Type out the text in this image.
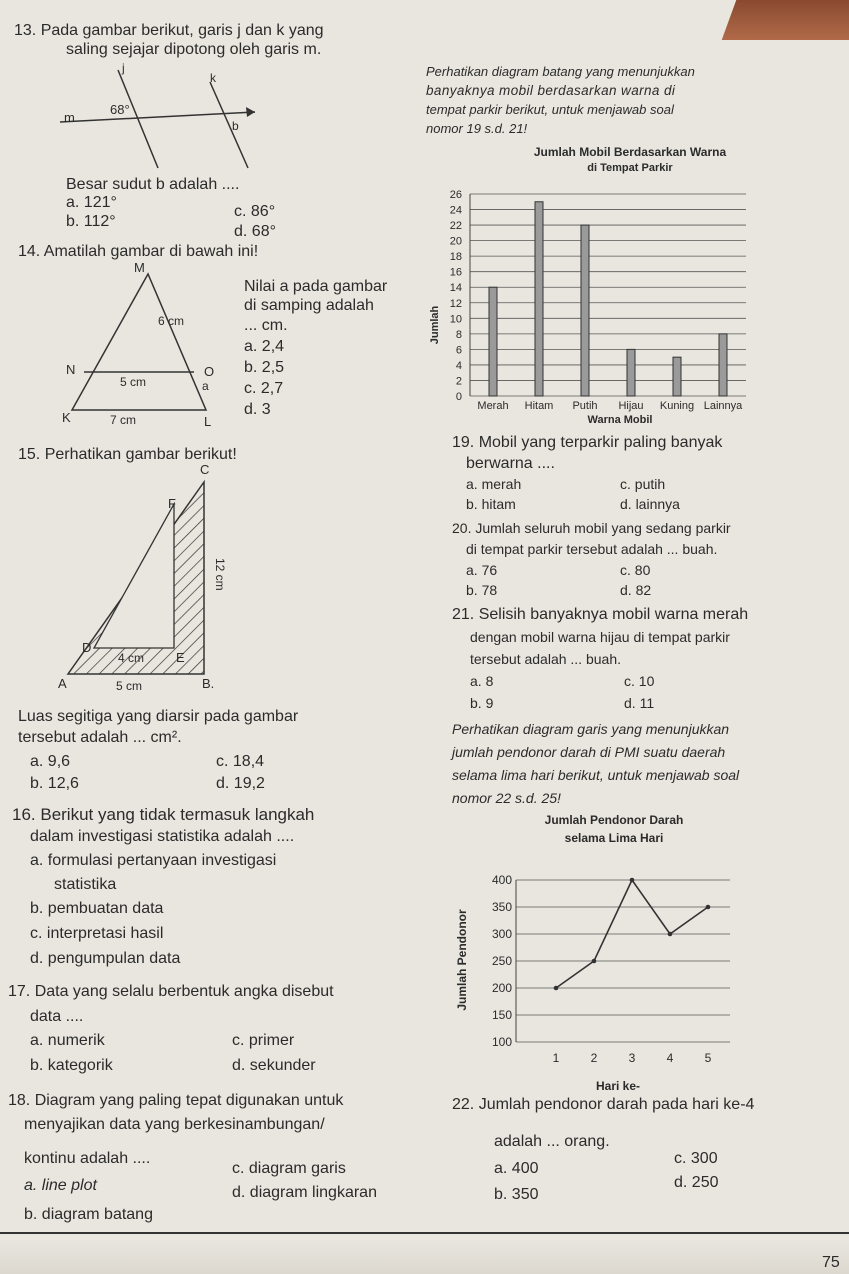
13. Pada gambar berikut, garis j dan k yang
saling sejajar dipotong oleh garis m.
j
k
m
68°
b
Besar sudut b adalah ....
a. 121°
b. 112°
c. 86°
d. 68°
14. Amatilah gambar di bawah ini!
M
N	O
K	L
6 cm
5 cm	a
7 cm
Nilai a pada gambar
di samping adalah
... cm.
a. 2,4
b. 2,5
c. 2,7
d. 3
15. Perhatikan gambar berikut!
C
F
D
E
A	B.
12 cm
4 cm
5 cm
Luas segitiga yang diarsir pada gambar
tersebut adalah ... cm².
a. 9,6
b. 12,6
c. 18,4
d. 19,2
16. Berikut yang tidak termasuk langkah
dalam investigasi statistika adalah ....
a. formulasi pertanyaan investigasi
statistika
b. pembuatan data
c. interpretasi hasil
d. pengumpulan data
17. Data yang selalu berbentuk angka disebut
data ....
a. numerik
b. kategorik
c. primer
d. sekunder
18. Diagram yang paling tepat digunakan untuk
menyajikan data yang berkesinambungan/
kontinu adalah ....
a. line plot
b. diagram batang
c. diagram garis
d. diagram lingkaran
Perhatikan diagram batang yang menunjukkan
banyaknya mobil berdasarkan warna di
tempat parkir berikut, untuk menjawab soal
nomor 19 s.d. 21!
Jumlah Mobil Berdasarkan Warna
di Tempat Parkir
0
2
4
6
8
10
12
14
16
18
20
22
24
26
Merah Hitam Putih Hijau Kuning Lainnya
Jumlah
Warna Mobil
19. Mobil yang terparkir paling banyak
berwarna ....
a. merah
b. hitam
c. putih
d. lainnya
20. Jumlah seluruh mobil yang sedang parkir
di tempat parkir tersebut adalah ... buah.
a. 76
b. 78
c. 80
d. 82
21. Selisih banyaknya mobil warna merah
dengan mobil warna hijau di tempat parkir
tersebut adalah ... buah.
a. 8
b. 9
c. 10
d. 11
Perhatikan diagram garis yang menunjukkan
jumlah pendonor darah di PMI suatu daerah
selama lima hari berikut, untuk menjawab soal
nomor 22 s.d. 25!
Jumlah Pendonor Darah
selama Lima Hari
100
150
200
250
300
350
400
1	2	3	4	5
Jumlah Pendonor
Hari ke-
22. Jumlah pendonor darah pada hari ke-4
adalah ... orang.
a. 400
b. 350
c. 300
d. 250
75
